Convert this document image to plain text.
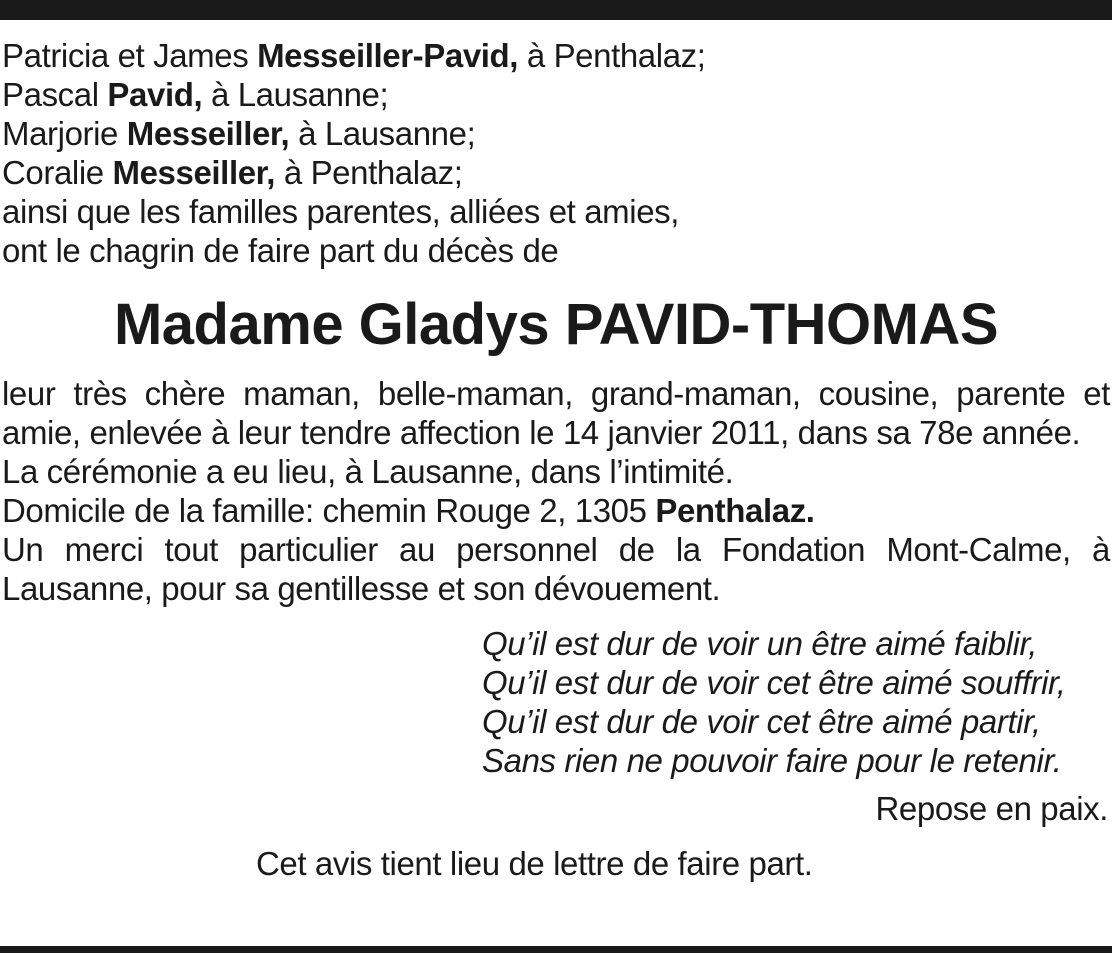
Patricia et James Messeiller-Pavid, à Penthalaz;
Pascal Pavid, à Lausanne;
Marjorie Messeiller, à Lausanne;
Coralie Messeiller, à Penthalaz;
ainsi que les familles parentes, alliées et amies,
ont le chagrin de faire part du décès de
Madame Gladys PAVID-THOMAS
leur très chère maman, belle-maman, grand-maman, cousine, parente et
amie, enlevée à leur tendre affection le 14 janvier 2011, dans sa 78e année.
La cérémonie a eu lieu, à Lausanne, dans l’intimité.
Domicile de la famille: chemin Rouge 2, 1305 Penthalaz.
Un merci tout particulier au personnel de la Fondation Mont-Calme, à
Lausanne, pour sa gentillesse et son dévouement.
Qu’il est dur de voir un être aimé faiblir,
Qu’il est dur de voir cet être aimé souffrir,
Qu’il est dur de voir cet être aimé partir,
Sans rien ne pouvoir faire pour le retenir.
Repose en paix.
Cet avis tient lieu de lettre de faire part.
